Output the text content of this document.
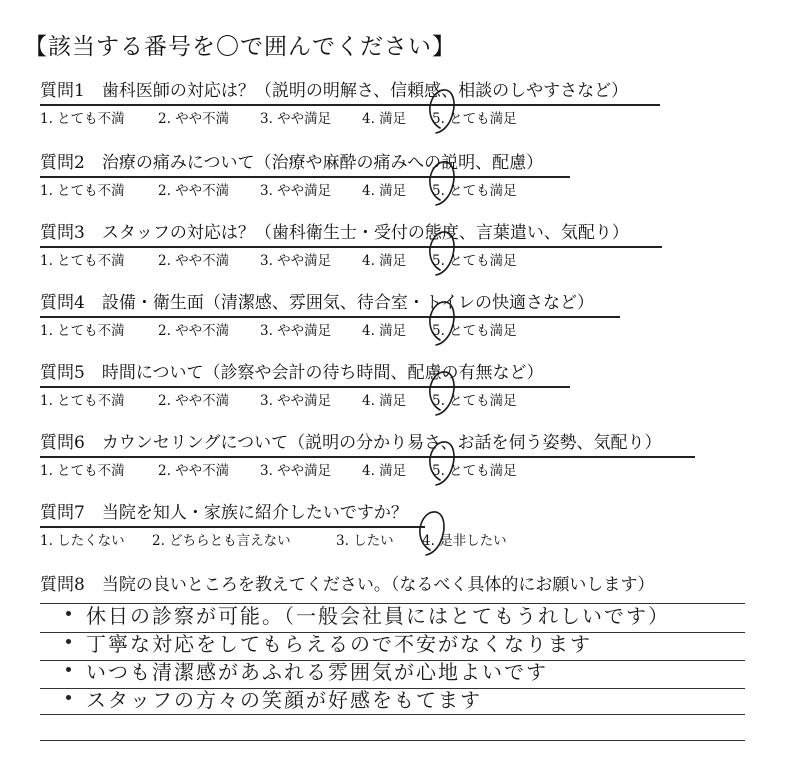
【該当する番号を〇で囲んでください】
質問1　歯科医師の対応は？（説明の明解さ、信頼感、相談のしやすさなど）
1. とても不満 2. やや不満 3. やや満足 4. 満足 5. とても満足
質問2　治療の痛みについて（治療や麻酔の痛みへの説明、配慮）
1. とても不満 2. やや不満 3. やや満足 4. 満足 5. とても満足
質問3　スタッフの対応は？（歯科衛生士・受付の態度、言葉遣い、気配り）
1. とても不満 2. やや不満 3. やや満足 4. 満足 5. とても満足
質問4　設備・衛生面（清潔感、雰囲気、待合室・トイレの快適さなど）
1. とても不満 2. やや不満 3. やや満足 4. 満足 5. とても満足
質問5　時間について（診察や会計の待ち時間、配慮の有無など）
1. とても不満 2. やや不満 3. やや満足 4. 満足 5. とても満足
質問6　カウンセリングについて（説明の分かり易さ、お話を伺う姿勢、気配り）
1. とても不満 2. やや不満 3. やや満足 4. 満足 5. とても満足
質問7　当院を知人・家族に紹介したいですか？
1. したくない 2. どちらとも言えない	3. したい 4. 是非したい
質問8　当院の良いところを教えてください。（なるべく具体的にお願いします）
休日の診察が可能。（一般会社員にはとてもうれしいです）
丁寧な対応をしてもらえるので不安がなくなります
いつも清潔感があふれる雰囲気が心地よいです
スタッフの方々の笑顔が好感をもてます
